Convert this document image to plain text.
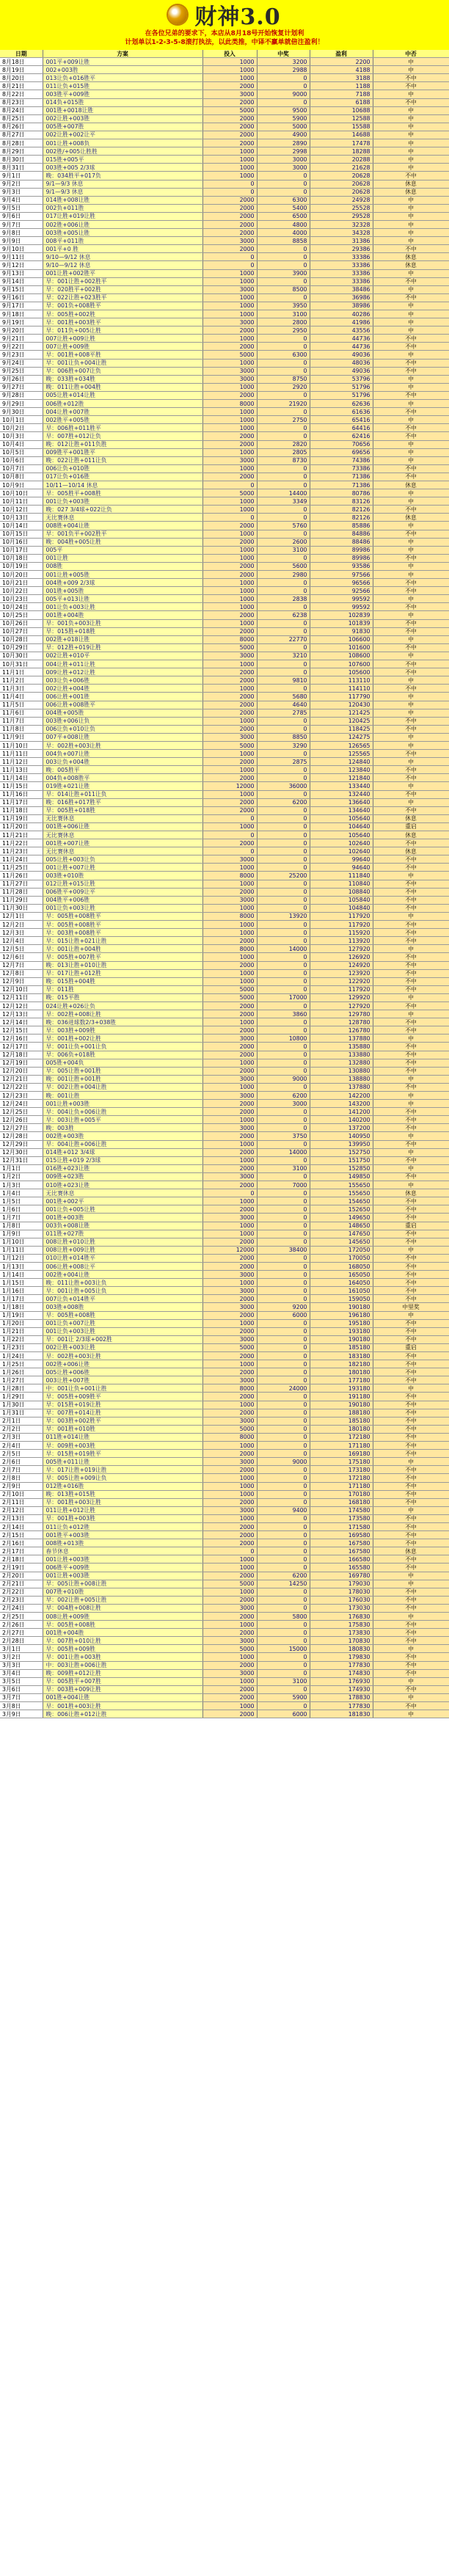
财神3.0
在各位兄弟的要求下，本店从8月18号开始恢复计划利
计划单以1-2-3-5-8滚打执法，以此类推，中译不赢单就倍注盈利！
日期	方案	投入	中奖	盈利	中否
8月18日	001平+009让胜	1000	3200	2200	中
8月19日	002+003胜	1000	2988	4188	中
8月20日	013让负+016胜平	1000	0	3188	不中
8月21日	011让负+015胜	2000	0	1188	不中
8月22日	003胜平+009胜	3000	9000	7188	中
8月23日	014负+015胜	2000	0	6188	不中
8月24日	001胜+0018让胜	5000	9500	10688	中
8月25日	002让胜+003胜	2000	5900	12588	中
8月26日	005胜+007胜	2000	5000	15588	中
8月27日	002让胜+002让平	2000	4900	14688	中
8月28日	001让胜+008负	2000	2890	17478	中
8月29日	002胜/+005让胜胜	1000	2998	18288	中
8月30日	015胜+005平	1000	3000	20288	中
8月31日	003胜+005 2/3球	1000	3000	21628	中
9月1日	晚：034胜平+017负	1000	0	20628	不中
9月2日	9/1—9/3 休息	0	0	20628	休息
9月3日	9/1—9/3 休息	0	0	20628	休息
9月4日	014胜+008让胜	2000	6300	24928	中
9月5日	002负+011胜	2000	5400	25528	中
9月6日	017让胜+019让胜	2000	6500	29528	中
9月7日	002胜+006让胜	2000	4800	32328	中
9月8日	003胜+005让胜	2000	4000	34328	中
9月9日	008平+011胜	3000	8858	31386	中
9月10日	001平+0 胜	2000	0	29386	不中
9月11日	9/10—9/12 休息	0	0	33386	休息
9月12日	9/10—9/12 休息	0	0	33386	休息
9月13日	001让胜+002胜平	1000	3900	33386	中
9月14日	早：001让胜+002胜平	1000	0	33386	不中
9月15日	早：020胜平+002胜	3000	8500	38486	中
9月16日	早：022让胜+023胜平	1000	0	36986	不中
9月17日	早：001负+008胜平	1000	3950	38986	中
9月18日	早：005胜+002胜	1000	3100	40286	中
9月19日	早：001胜+003胜平	3000	2800	41986	中
9月20日	早：011负+005让胜	2000	2950	43556	中
9月21日	007让胜+009让胜	1000	0	44736	不中
9月22日	007让胜+009胜	2000	0	44736	不中
9月23日	早：001胜+008平胜	5000	6300	49036	中
9月24日	早：001让负+004让胜	1000	0	48036	不中
9月25日	早：006胜+007让负	3000	0	49036	不中
9月26日	晚：033胜+034胜	3000	8750	53796	中
9月27日	晚：011让胜+004胜	1000	2920	51796	中
9月28日	005让胜+014让胜	2000	0	51796	不中
9月29日	006胜+012胜	8000	21920	62636	中
9月30日	004让胜+007胜	1000	0	61636	不中
10月1日	002胜平+005胜	1000	2750	65416	中
10月2日	早：006胜+011胜平	1000	0	64416	不中
10月3日	早：007胜+012让负	2000	0	62416	不中
10月4日	晚：012让胜+011负胜	2000	2820	70656	中
10月5日	009胜平+001胜平	1000	2805	69656	中
10月6日	晚：022让胜+011让负	3000	8730	74386	中
10月7日	006让负+010胜	1000	0	73386	不中
10月8日	017让负+016胜	2000	0	71386	不中
10月9日	10/11—10/14 休息	0	0	71386	休息
10月10日	早：005胜平+008胜	5000	14400	80786	中
10月11日	001让负+003胜	1000	3349	83126	中
10月12日	晚：027 3/4球+022让负	1000	0	82126	不中
10月13日	无比赛休息	0	0	82126	休息
10月14日	008胜+004让胜	2000	5760	85886	中
10月15日	早：001负平+002胜平	1000	0	84886	不中
10月16日	晚：004胜+005让胜	2000	2600	88486	中
10月17日	005平	1000	3100	89986	中
10月18日	001让胜	1000	0	89986	不中
10月19日	008胜	2000	5600	93586	中
10月20日	001让胜+005胜	2000	2980	97566	中
10月21日	004胜+009 2/3球	1000	0	96566	不中
10月22日	001胜+005胜	1000	0	92566	不中
10月23日	005平+013让胜	1000	2838	99592	中
10月24日	001让负+003让胜	1000	0	99592	不中
10月25日	001胜+004胜	2000	6238	102839	中
10月26日	早：001负+003让胜	1000	0	101839	不中
10月27日	早：015胜+018胜	2000	0	91830	不中
10月28日	002胜+018让胜	8000	22770	106600	中
10月29日	早：012胜+019让胜	5000	0	101600	不中
10月30日	002让胜+010平	3000	3210	108600	中
10月31日	004让胜+011让胜	1000	0	107600	不中
11月1日	009让胜+012让胜	2000	0	105600	不中
11月2日	003让负+006胜	2000	9810	113110	中
11月3日	002让胜+004胜	1000	0	114110	不中
11月4日	006让胜+001胜	2000	5680	117790	中
11月5日	006让胜+008胜平	2000	4640	120430	中
11月6日	004胜+005胜	2000	2785	121425	中
11月7日	003胜+006让负	1000	0	120425	不中
11月8日	006让负+010让负	2000	0	118425	不中
11月9日	007平+008让胜	3000	8850	124275	中
11月10日	早：002胜+003让胜	5000	3290	126565	中
11月11日	004负+007让胜	1000	0	125565	不中
11月12日	003让负+004胜	2000	2875	124840	中
11月13日	晚：005胜平	1000	0	123840	不中
11月14日	004负+008胜平	2000	0	121840	不中
11月15日	019胜+021让胜	12000	36000	133440	中
11月16日	早：014让胜+011让负	1000	0	132440	不中
11月17日	晚：016胜+017胜平	2000	6200	136640	中
11月18日	早：005胜+018胜	2000	0	134640	不中
11月19日	无比赛休息	0	0	105640	休息
11月20日	001胜+006让胜	1000	0	104640	重启
11月21日	无比赛休息	0	0	105640	休息
11月22日	001胜+007让胜	2000	0	102640	不中
11月23日	无比赛休息	0	0	102640	休息
11月24日	005让胜+003让负	3000	0	99640	不中
11月25日	001让胜+007让胜	1000	0	94640	不中
11月26日	003胜+010胜	8000	25200	111840	中
11月27日	012让胜+015让胜	1000	0	110840	不中
11月28日	006胜平+009让平	2000	0	108840	不中
11月29日	004胜平+006胜	3000	0	105840	不中
11月30日	001让负+003让胜	1000	0	104840	不中
12月1日	早：005胜+008胜平	8000	13920	117920	中
12月2日	早：005胜+008胜平	1000	0	117920	不中
12月3日	早：003胜+008胜平	1000	0	115920	不中
12月4日	早：015让胜+021让胜	2000	0	113920	不中
12月5日	早：001让胜+004胜	8000	14000	127920	中
12月6日	早：005胜+007胜平	1000	0	126920	不中
12月7日	晚：013让胜+010让胜	2000	0	124920	不中
12月8日	早：017让胜+012胜	1000	0	123920	不中
12月9日	晚：015胜+004胜	1000	0	122920	不中
12月10日	早：011胜	5000	0	117920	不中
12月11日	晚：015平胜	5000	17000	129920	中
12月12日	024让胜+026让负	2000	0	127920	不中
12月13日	早：002胜+008让胜	2000	3860	129780	中
12月14日	晚：036进球数2/3+038胜	1000	0	128780	不中
12月15日	早：003胜+009胜	2000	0	126780	不中
12月16日	早：001胜+002让胜	3000	10800	137880	中
12月17日	早：001让负+001让负	2000	0	135880	不中
12月18日	早：006负+018胜	2000	0	133880	不中
12月19日	005胜+004负	1000	0	132880	不中
12月20日	早：005让胜+001胜	2000	0	130880	不中
12月21日	晚：001让胜+001胜	3000	9000	138880	中
12月22日	早：002让胜+004让胜	1000	0	137880	不中
12月23日	晚：001让胜	3000	6200	142200	中
12月24日	001让胜+003胜	2000	3000	143200	中
12月25日	早：004让负+006让胜	2000	0	141200	不中
12月26日	早：003让胜+005平	1000	0	140200	不中
12月27日	晚：003胜	3000	0	137200	不中
12月28日	002胜+003胜	2000	3750	140950	中
12月29日	早：004让胜+006让胜	1000	0	139950	不中
12月30日	014胜+012 3/4球	2000	14000	152750	中
12月31日	015让胜+019 2/3球	1000	0	151750	不中
1月1日	016胜+023让胜	2000	3100	152850	中
1月2日	009胜+023胜	3000	0	149850	不中
1月3日	010胜+023让胜	2000	7000	155650	中
1月4日	无比赛休息	0	0	155650	休息
1月5日	001胜+002平	1000	0	154650	不中
1月6日	001让负+005让胜	2000	0	152650	不中
1月7日	001胜+003胜	3000	0	149650	不中
1月8日	003负+008让胜	1000	0	148650	重启
1月9日	011胜+027胜	1000	0	147650	不中
1月10日	008让胜+010让胜	2000	0	145650	不中
1月11日	008让胜+009让胜	12000	38400	172050	中
1月12日	010让胜+014胜平	2000	0	170050	不中
1月13日	006让胜+008让平	2000	0	168050	不中
1月14日	002胜+004让胜	3000	0	165050	不中
1月15日	晚：011让胜+003让负	1000	0	164050	不中
1月16日	早：001让胜+005让负	3000	0	161050	不中
1月17日	007让负+014胜平	2000	0	159050	不中
1月18日	003胜+008胜	3000	9200	190180	中里奖
1月19日	早：005胜+008胜	2000	6000	196180	中
1月20日	001让负+007让胜	1000	0	195180	不中
1月21日	001让负+003让胜	2000	0	193180	不中
1月22日	早：001让 2/3球+002胜	3000	0	190180	不中
1月23日	002让胜+003让胜	5000	0	185180	重启
1月24日	早：002胜+003让胜	2000	0	183180	不中
1月25日	002胜+006让胜	1000	0	182180	不中
1月26日	005让胜+006胜	2000	0	180180	不中
1月27日	003让胜+007胜	3000	0	177180	不中
1月28日	中：001让负+001让胜	8000	24000	193180	中
1月29日	早：005胜+009胜平	2000	0	191180	不中
1月30日	早：015胜+019让胜	1000	0	190180	不中
1月31日	早：007胜+014让胜	2000	0	188180	不中
2月1日	早：003胜+002胜平	3000	0	185180	不中
2月2日	早：001胜+010胜	5000	0	180180	不中
2月3日	011胜+014让胜	8000	0	172180	不中
2月4日	早：009胜+003胜	1000	0	171180	不中
2月5日	早：015胜+019胜平	2000	0	169180	不中
2月6日	005胜+011让胜	3000	9000	175180	中
2月7日	早：017让胜+019让胜	2000	0	173180	不中
2月8日	早：005让胜+009让负	1000	0	172180	不中
2月9日	012胜+016胜	1000	0	171180	不中
2月10日	晚：013胜+015胜	1000	0	170180	不中
2月11日	早：001胜+003让胜	2000	0	168180	不中
2月12日	011让胜+012让胜	3000	9400	174580	中
2月13日	早：001胜+003胜	1000	0	173580	不中
2月14日	011让负+012胜	2000	0	171580	不中
2月15日	001胜平+003胜	2000	0	169580	不中
2月16日	008胜+013胜	2000	0	167580	不中
2月17日	春节休息	0	0	167580	休息
2月18日	001让胜+003胜	1000	0	166580	不中
2月19日	006胜平+009胜	1000	0	165580	不中
2月20日	001让胜+003胜	2000	6200	169780	中
2月21日	早：005让胜+008让胜	5000	14250	179030	中
2月22日	007胜+010胜	1000	0	178030	不中
2月23日	早：002让胜+005让胜	2000	0	176030	不中
2月24日	早：004胜+008让胜	3000	0	173030	不中
2月25日	008让胜+009胜	2000	5800	176830	中
2月26日	早：005胜+008胜	1000	0	175830	不中
2月27日	001胜+004胜	2000	0	173830	不中
2月28日	早：007胜+010让胜	3000	0	170830	不中
3月1日	早：005胜+009胜	5000	15000	180830	中
3月2日	早：001让胜+003胜	1000	0	179830	不中
3月3日	中：003让胜+006让胜	2000	0	177830	不中
3月4日	晚：009胜+012让胜	3000	0	174830	不中
3月5日	早：005胜平+007胜	1000	3100	176930	中
3月6日	早：003胜+009让胜	2000	0	174930	不中
3月7日	001胜+004让胜	2000	5900	178830	中
3月8日	早：001胜+003让胜	1000	0	177830	不中
3月9日	晚：006让胜+012让胜	2000	6000	181830	中
